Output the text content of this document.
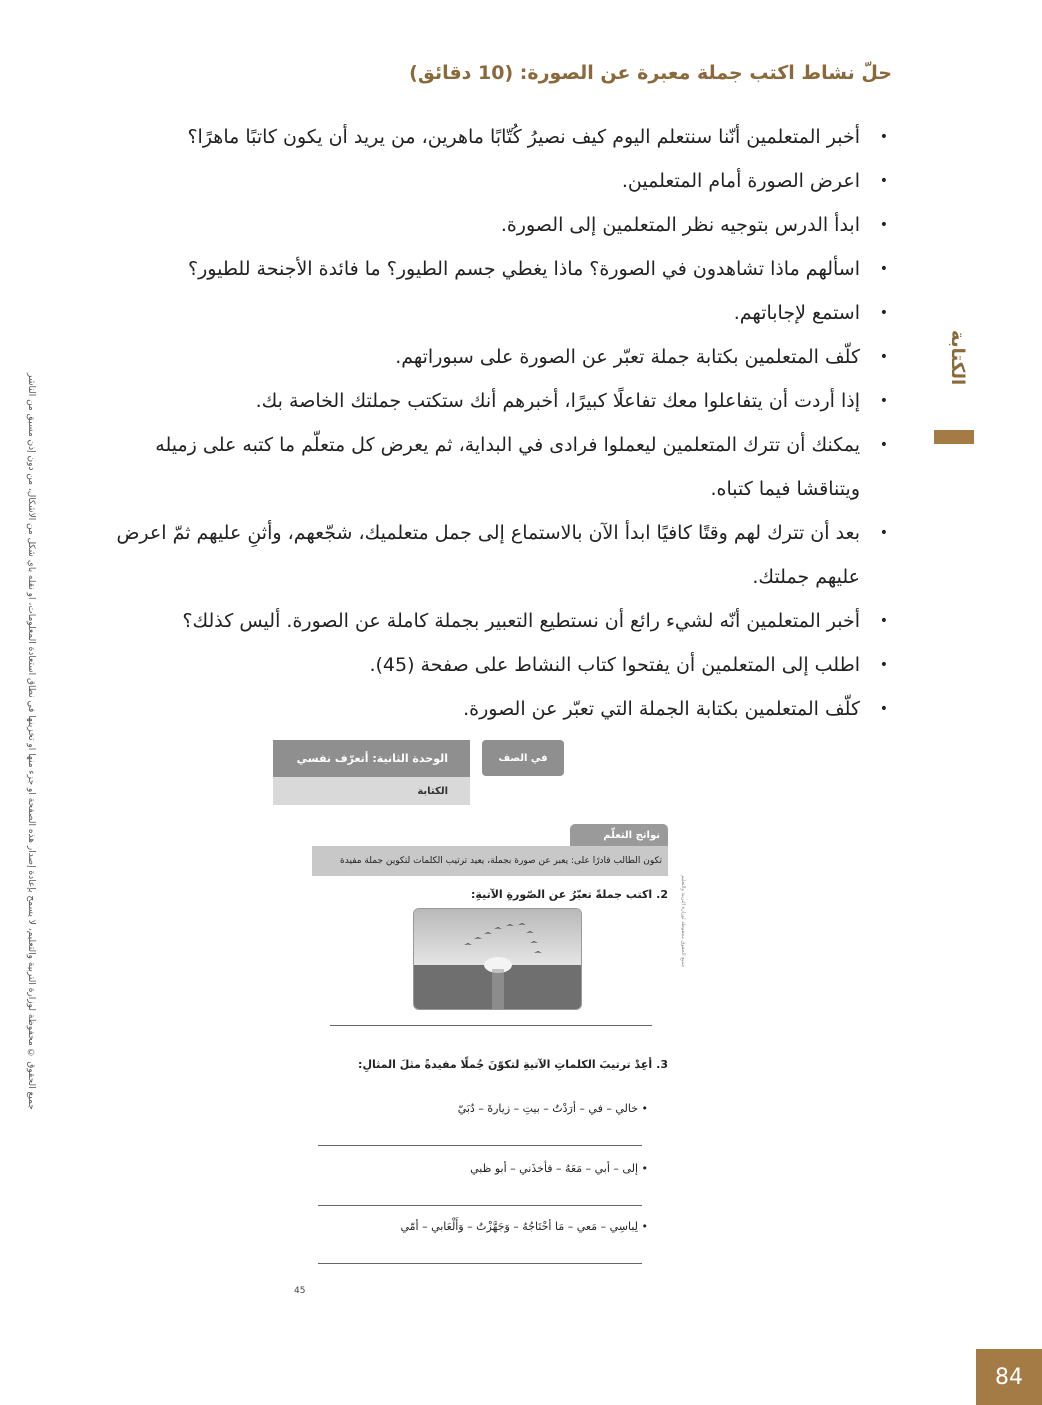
حلّ نشاط اكتب جملة معبرة عن الصورة: (10 دقائق)
•
أخبر المتعلمين أنّنا سنتعلم اليوم كيف نصيرُ كُتّابًا ماهرين، من يريد أن يكون كاتبًا ماهرًا؟
•
اعرض الصورة أمام المتعلمين.
•
ابدأ الدرس بتوجيه نظر المتعلمين إلى الصورة.
•
اسألهم ماذا تشاهدون في الصورة؟ ماذا يغطي جسم الطيور؟ ما فائدة الأجنحة للطيور؟
•
استمع لإجاباتهم.
•
كلّف المتعلمين بكتابة جملة تعبّر عن الصورة على سبوراتهم.
•
إذا أردت أن يتفاعلوا معك تفاعلًا كبيرًا، أخبرهم أنك ستكتب جملتك الخاصة بك.
•
يمكنك أن تترك المتعلمين ليعملوا فرادى في البداية، ثم يعرض كل متعلّم ما كتبه على زميله ويتناقشا فيما كتباه.
•
بعد أن تترك لهم وقتًا كافيًا ابدأ الآن بالاستماع إلى جمل متعلميك، شجّعهم، وأثنِ عليهم ثمّ اعرض عليهم جملتك.
•
أخبر المتعلمين أنّه لشيء رائع أن نستطيع التعبير بجملة كاملة عن الصورة. أليس كذلك؟
•
اطلب إلى المتعلمين أن يفتحوا كتاب النشاط على صفحة (45).
•
كلّف المتعلمين بكتابة الجملة التي تعبّر عن الصورة.
الكتابة
جميع الحقوق © محفوظة لوزارة التربية والتعليم، لا يسمح بإعادة إصدار هذه الصفحة أو جزء منها أو تخزينها في نطاق استعادة المعلومات، أو نقله بأي شكل من الأشكال، من دون إذن مسبق من الناشر	الوحدة الثانية: أتعرّف نفسي
الكتابة
في الصف
نواتج التعلّم
تكون الطالب قادرًا على: يعبر عن صورة بجملة، يعيد ترتيب الكلمات لتكوين جملة مفيدة
2.اكتب جملةً تعبّرُ عن الصّورةِ الآتيةِ:
3.أعِدْ ترتيبَ الكلماتِ الآتيةِ لتكوّنَ جُملًا مفيدةً مثلَ المثالِ:
• خالي – في – أرَدْتُ – بيتِ – زيارةَ – دُبَيّ
• إلى – أبي – مَعَهُ – فأخذَني – أبو ظبي
• لِباسِي – مَعي – مَا أحْتَاجُهُ – وَجَهَّزْتُ – وَأَلْعَابي – أمّي
جميع الحقوق محفوظة لوزارة التربية والتعليم
45
84
